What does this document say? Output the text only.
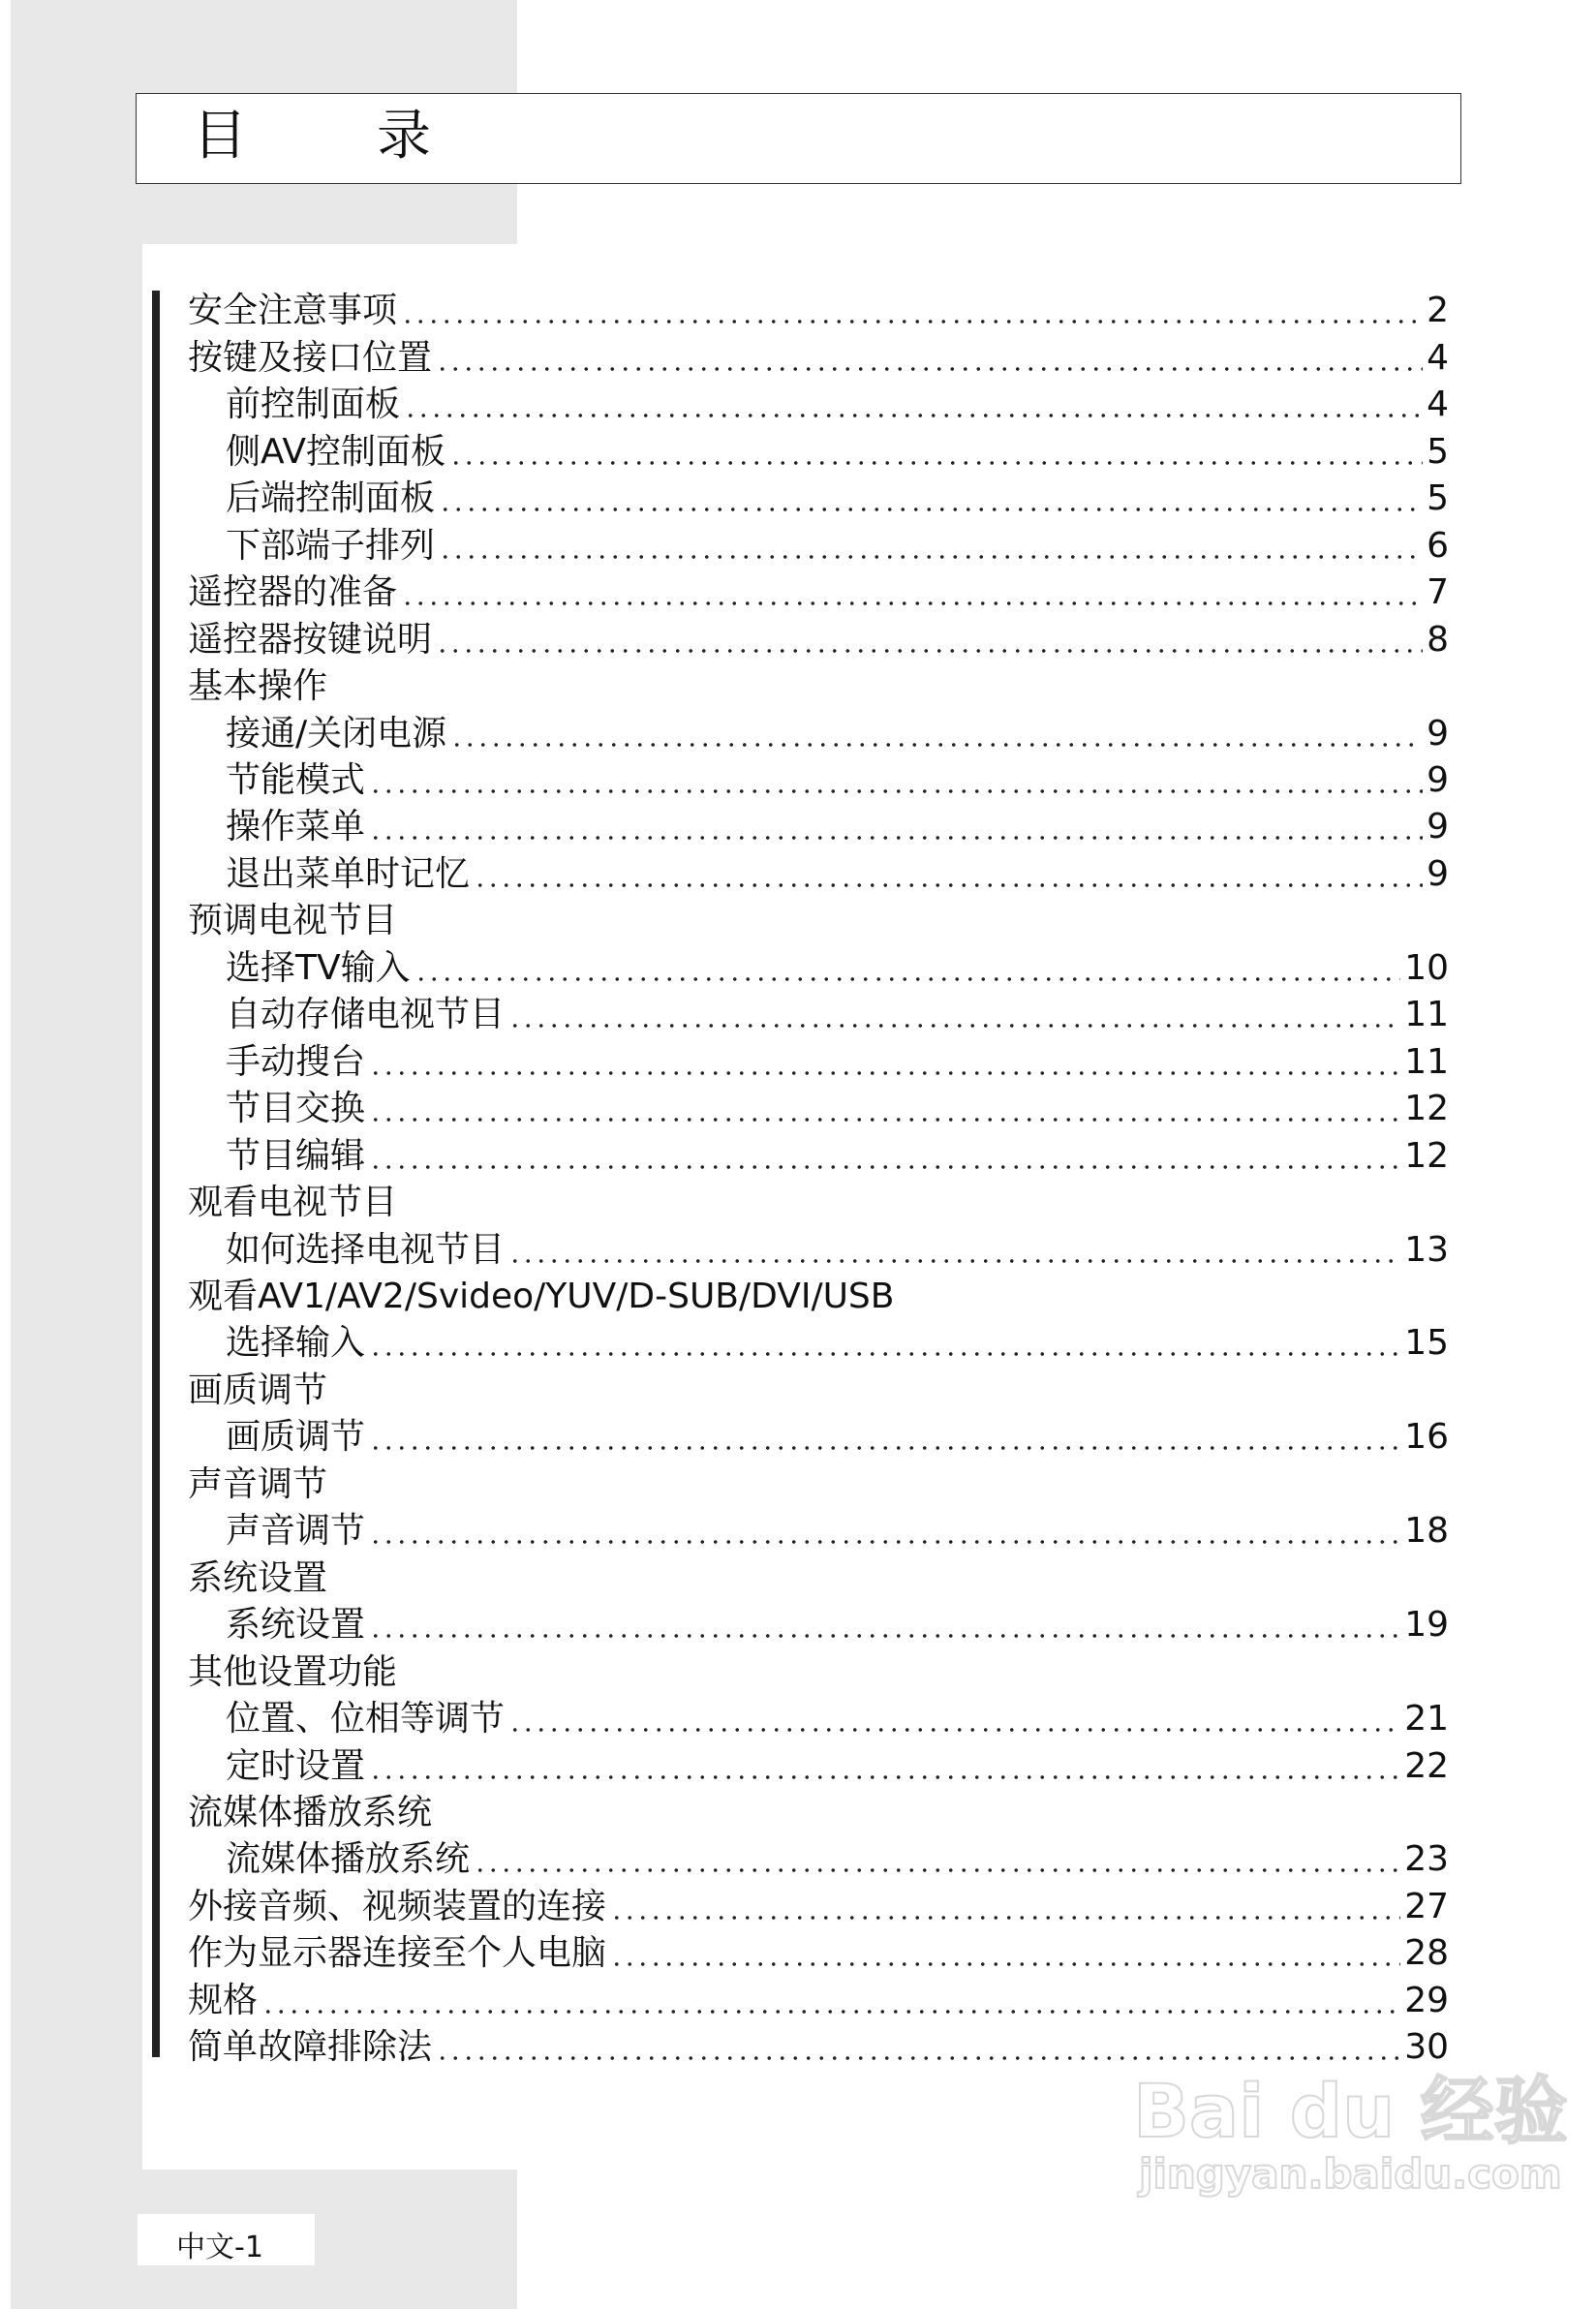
目 录
安全注意事项	2
按键及接口位置	4
前控制面板	4
侧AV控制面板	5
后端控制面板	5
下部端子排列	6
遥控器的准备	7
遥控器按键说明	8
基本操作
接通/关闭电源	9
节能模式	9
操作菜单	9
退出菜单时记忆	9
预调电视节目
选择TV输入	10
自动存储电视节目	11
手动搜台	11
节目交换	12
节目编辑	12
观看电视节目
如何选择电视节目	13
观看AV1/AV2/Svideo/YUV/D-SUB/DVI/USB
选择输入	15
画质调节
画质调节	16
声音调节
声音调节	18
系统设置
系统设置	19
其他设置功能
位置、位相等调节	21
定时设置	22
流媒体播放系统
流媒体播放系统	23
外接音频、视频装置的连接	27
作为显示器连接至个人电脑	28
规格	29
简单故障排除法	30
中文-1
Bai du 经验
jingyan.baidu.com
